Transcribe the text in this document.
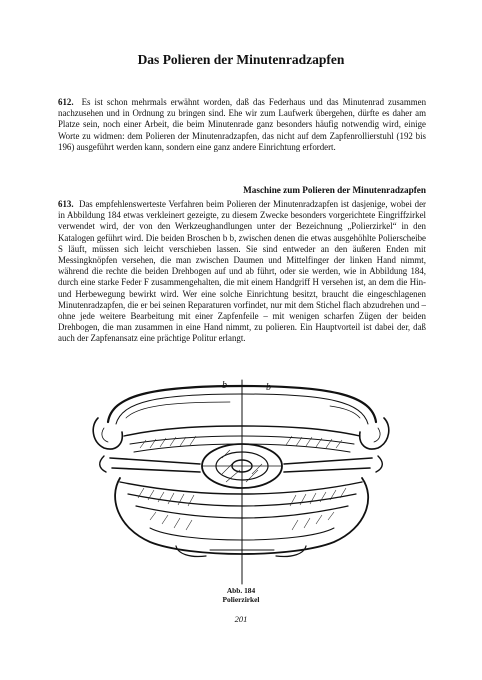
Das Polieren der Minutenradzapfen

612. Es ist schon mehrmals erwähnt worden, daß das Federhaus und das Minutenrad zusammen nachzusehen und in Ordnung zu bringen sind. Ehe wir zum Laufwerk übergehen, dürfte es daher am Platze sein, noch einer Arbeit, die beim Minutenrade ganz besonders häufig notwendig wird, einige Worte zu widmen: dem Polieren der Minutenradzapfen, das nicht auf dem Zapfenrollierstuhl (192 bis 196) ausgeführt werden kann, sondern eine ganz andere Einrichtung erfordert.

Maschine zum Polieren der Minutenradzapfen

613. Das empfehlenswerteste Verfahren beim Polieren der Minutenradzapfen ist dasjenige, wobei der in Abbildung 184 etwas verkleinert gezeigte, zu diesem Zwecke besonders vorgerichtete Eingriffzirkel verwendet wird, der von den Werkzeughandlungen unter der Bezeichnung „Polierzirkel“ in den Katalogen geführt wird. Die beiden Broschen b b, zwischen denen die etwas ausgehöhlte Polierscheibe S läuft, müssen sich leicht verschieben lassen. Sie sind entweder an den äußeren Enden mit Messingknöpfen versehen, die man zwischen Daumen und Mittelfinger der linken Hand nimmt, während die rechte die beiden Drehbogen auf und ab führt, oder sie werden, wie in Abbildung 184, durch eine starke Feder F zusammengehalten, die mit einem Handgriff H versehen ist, an dem die Hin- und Herbewegung bewirkt wird. Wer eine solche Einrichtung besitzt, braucht die eingeschlagenen Minutenradzapfen, die er bei seinen Reparaturen vorfindet, nur mit dem Stichel flach abzudrehen und – ohne jede weitere Bearbeitung mit einer Zapfenfeile – mit wenigen scharfen Zügen der beiden Drehbogen, die man zusammen in eine Hand nimmt, zu polieren. Ein Hauptvorteil ist dabei der, daß auch der Zapfenansatz eine prächtige Politur erlangt.

b	b
Abb. 184
Polierzirkel
201
